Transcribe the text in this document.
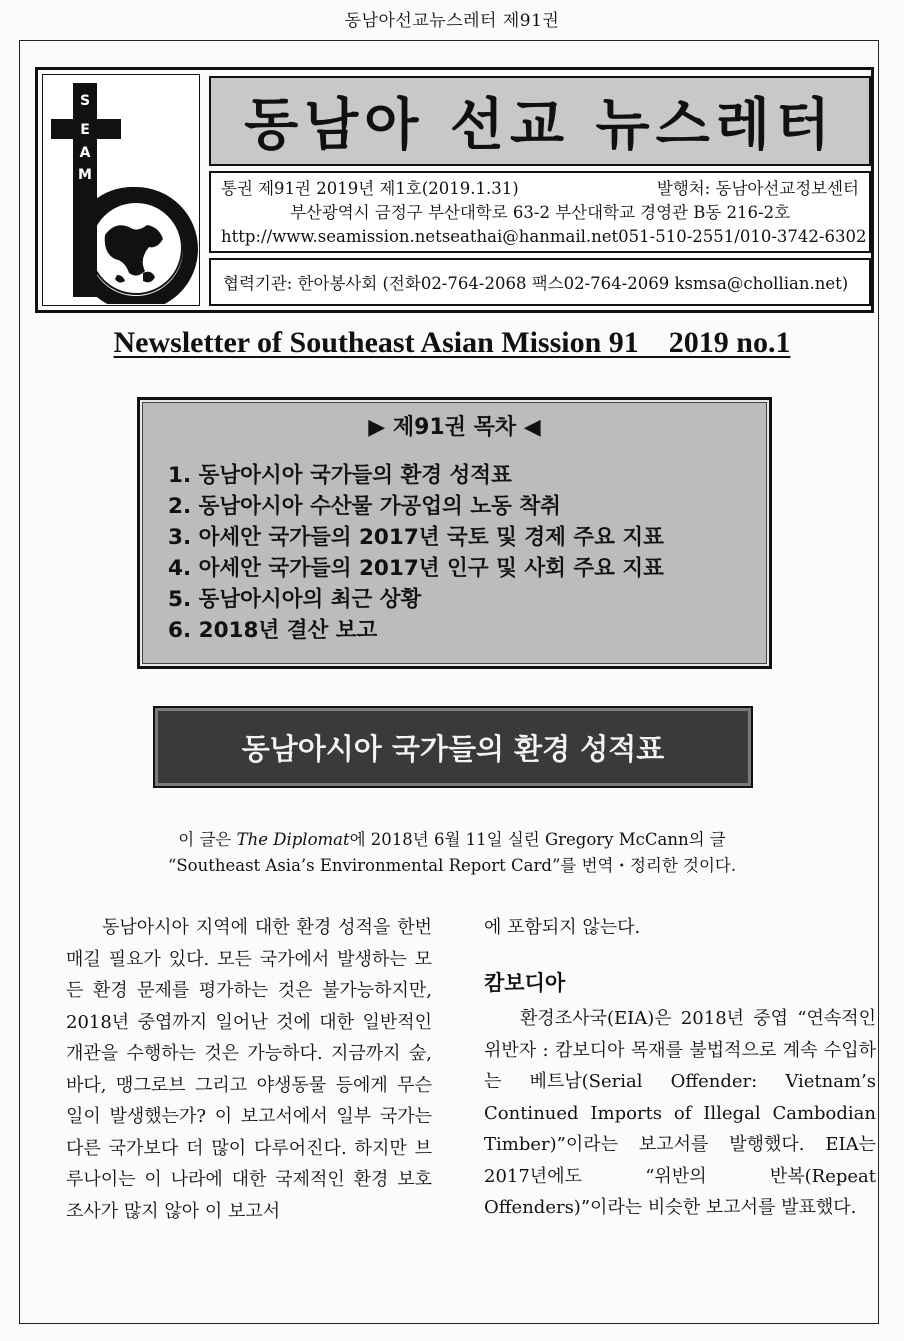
동남아선교뉴스레터 제91권
S
E
A
M
동남아 선교 뉴스레터
통권 제91권 2019년 제1호(2019.1.31)	발행처: 동남아선교정보센터
부산광역시 금정구 부산대학로 63-2 부산대학교 경영관 B동 216-2호
http://www.seamission.net seathai@hanmail.net 051-510-2551/010-3742-6302
협력기관: 한아봉사회 (전화02-764-2068 팩스02-764-2069 ksmsa@chollian.net)
Newsletter of Southeast Asian Mission 91    2019 no.1
▶ 제91권 목차 ◀
1. 동남아시아 국가들의 환경 성적표
2. 동남아시아 수산물 가공업의 노동 착취
3. 아세안 국가들의 2017년 국토 및 경제 주요 지표
4. 아세안 국가들의 2017년 인구 및 사회 주요 지표
5. 동남아시아의 최근 상황
6. 2018년 결산 보고
동남아시아 국가들의 환경 성적표
이 글은 The Diplomat에 2018년 6월 11일 실린 Gregory McCann의 글
“Southeast Asia’s Environmental Report Card”를 번역・정리한 것이다.

동남아시아 지역에 대한 환경 성적을 한번 매길 필요가 있다. 모든 국가에서 발생하는 모든 환경 문제를 평가하는 것은 불가능하지만, 2018년 중엽까지 일어난 것에 대한 일반적인 개관을 수행하는 것은 가능하다. 지금까지 숲, 바다, 맹그로브 그리고 야생동물 등에게 무슨 일이 발생했는가? 이 보고서에서 일부 국가는 다른 국가보다 더 많이 다루어진다. 하지만 브루나이는 이 나라에 대한 국제적인 환경 보호 조사가 많지 않아 이 보고서

에 포함되지 않는다.

캄보디아

환경조사국(EIA)은 2018년 중엽 “연속적인 위반자 : 캄보디아 목재를 불법적으로 계속 수입하는 베트남(Serial Offender: Vietnam’s Continued Imports of Illegal Cambodian Timber)”이라는 보고서를 발행했다. EIA는 2017년에도 “위반의 반복(Repeat Offenders)”이라는 비슷한 보고서를 발표했다.
